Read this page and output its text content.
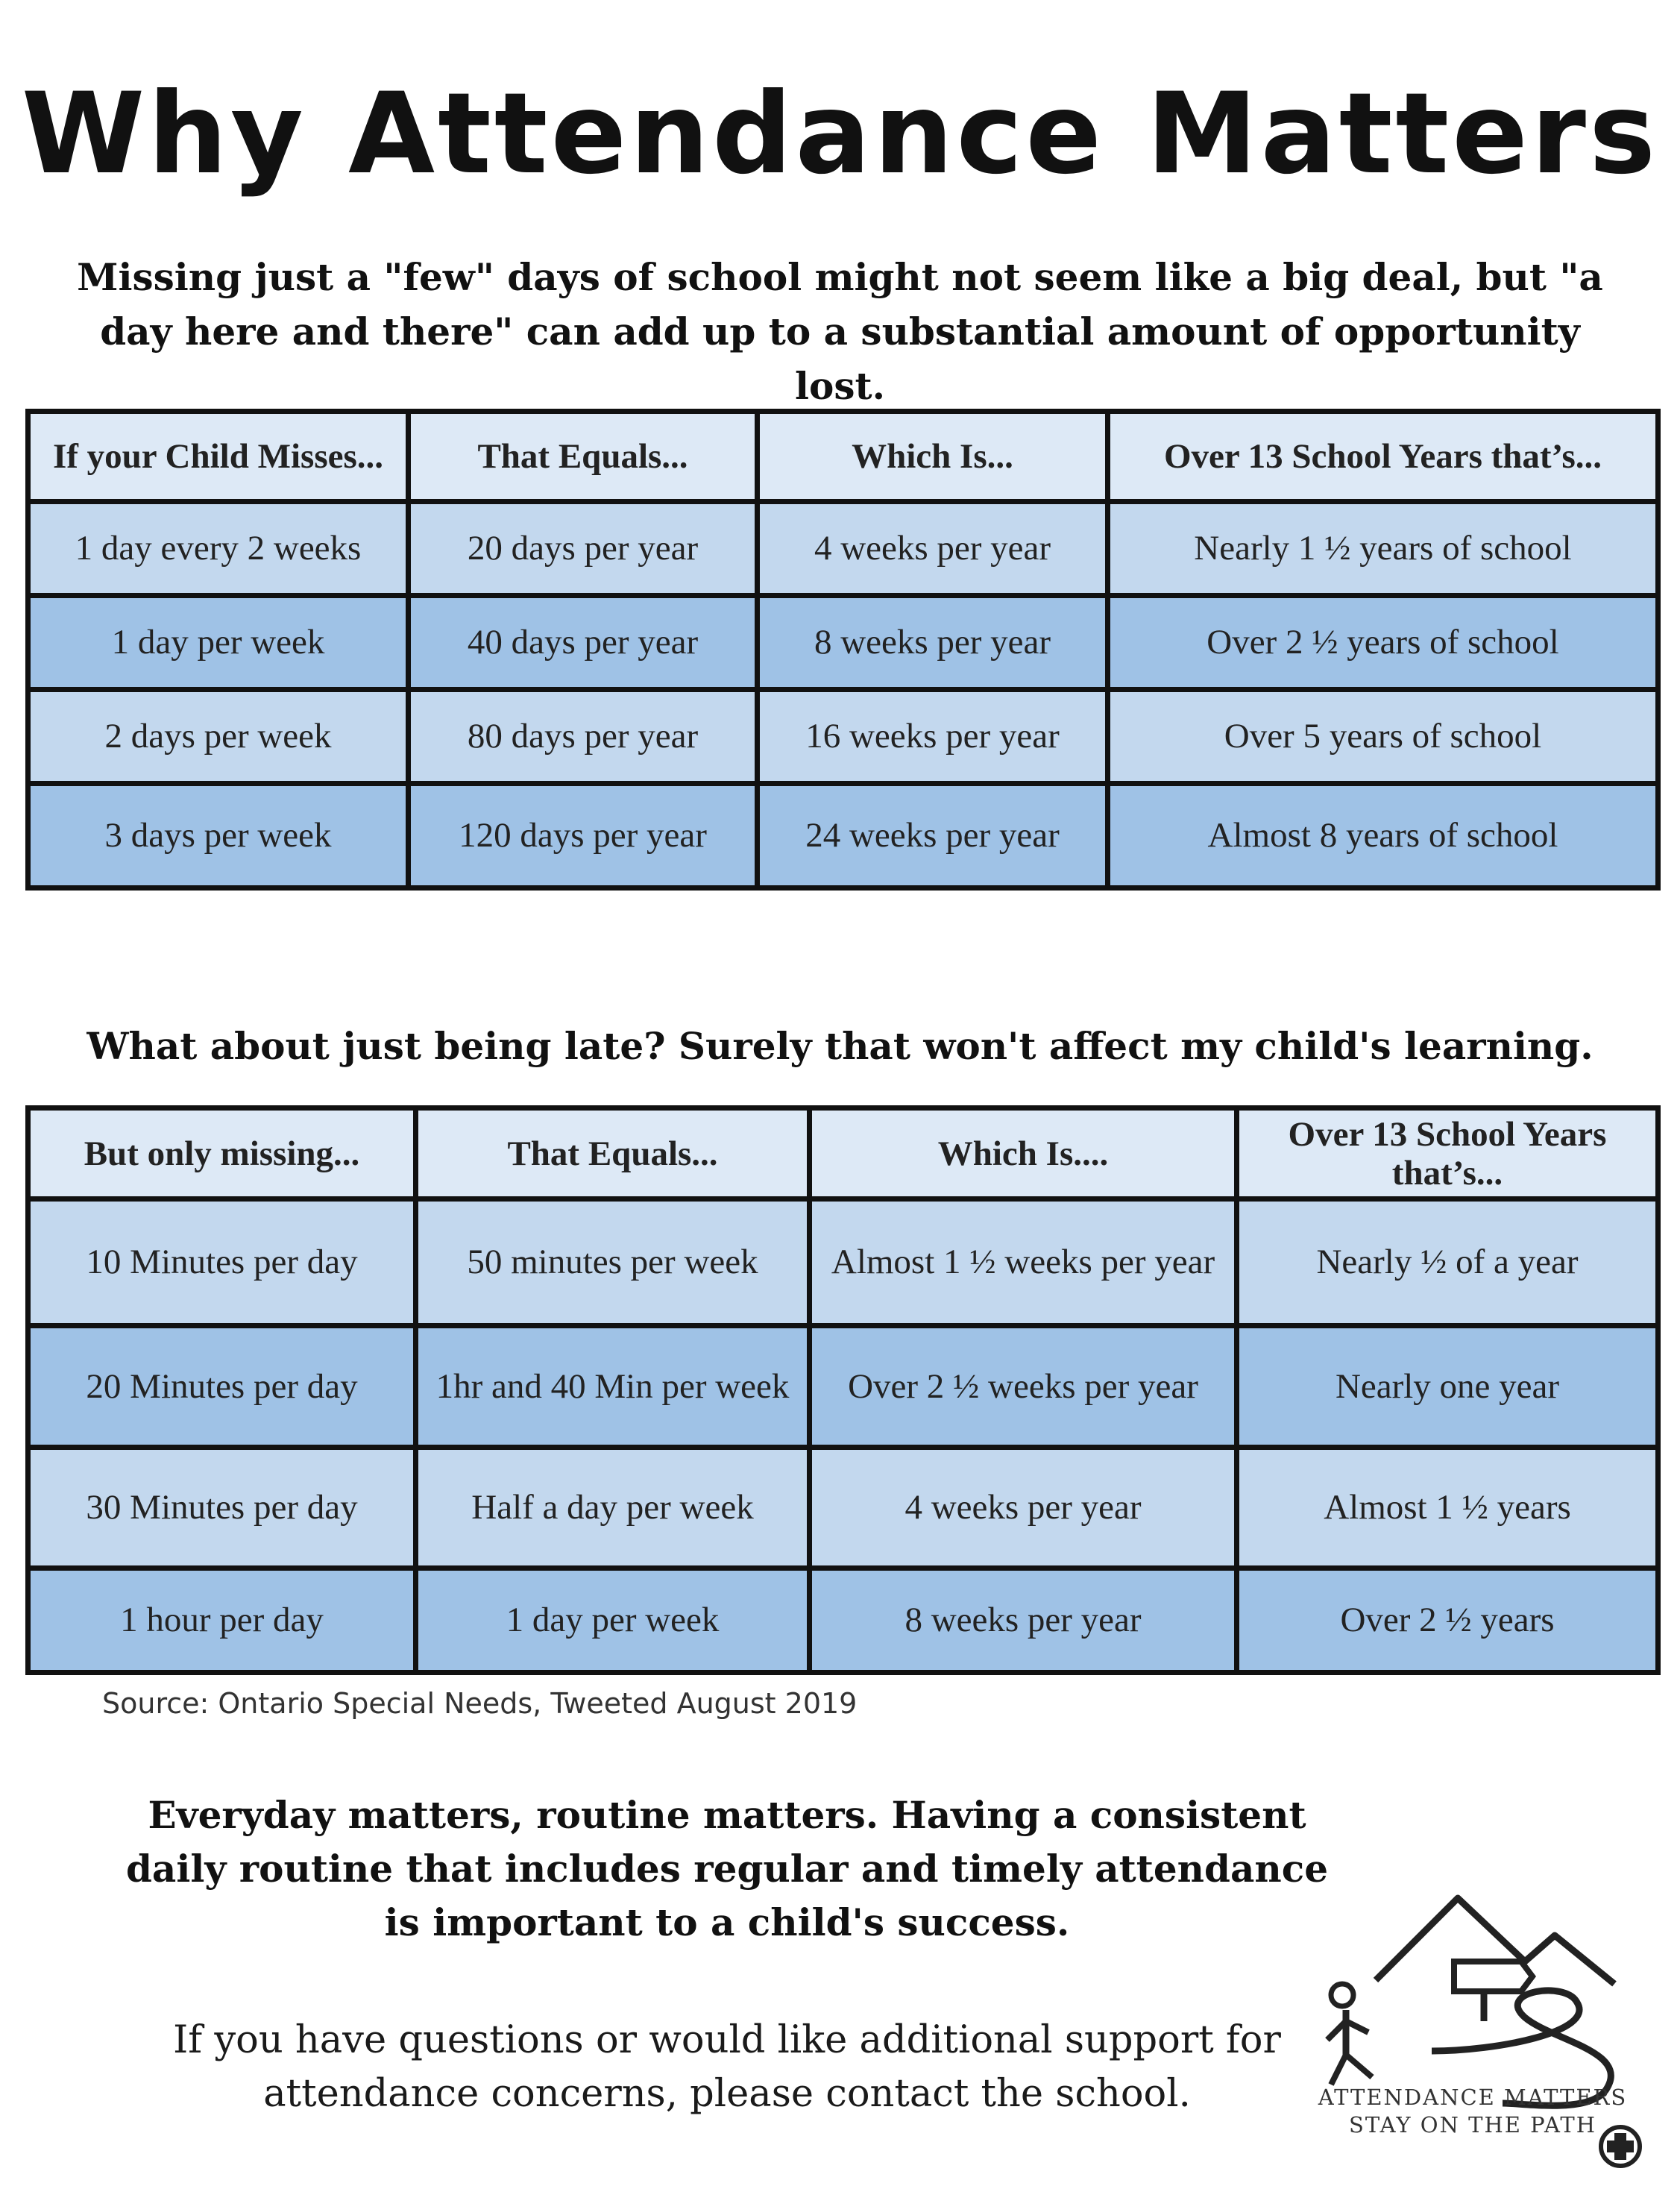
Why Attendance Matters
Missing just a "few" days of school might not seem like a big deal, but "a day here and there" can add up to a substantial amount of opportunity lost.
If your Child Misses...	That Equals...	Which Is...	Over 13 School Years that’s...
1 day every 2 weeks	20 days per year	4 weeks per year	Nearly 1 ½ years of school
1 day per week	40 days per year	8 weeks per year	Over 2 ½ years of school
2 days per week	80 days per year	16 weeks per year	Over 5 years of school
3 days per week	120 days per year	24 weeks per year	Almost 8 years of school
What about just being late? Surely that won't affect my child's learning.
But only missing...	That Equals...	Which Is....	Over 13 School Years that’s...
10 Minutes per day	50 minutes per week	Almost 1 ½ weeks per year	Nearly ½ of a year
20 Minutes per day	1hr and 40 Min per week	Over 2 ½ weeks per year	Nearly one year
30 Minutes per day	Half a day per week	4 weeks per year	Almost 1 ½ years
1 hour per day	1 day per week	8 weeks per year	Over 2 ½ years
Source: Ontario Special Needs, Tweeted August 2019
Everyday matters, routine matters. Having a consistent daily routine that includes regular and timely attendance is important to a child's success.
If you have questions or would like additional support for attendance concerns, please contact the school.	ATTENDANCE MATTERS
STAY ON THE PATH
